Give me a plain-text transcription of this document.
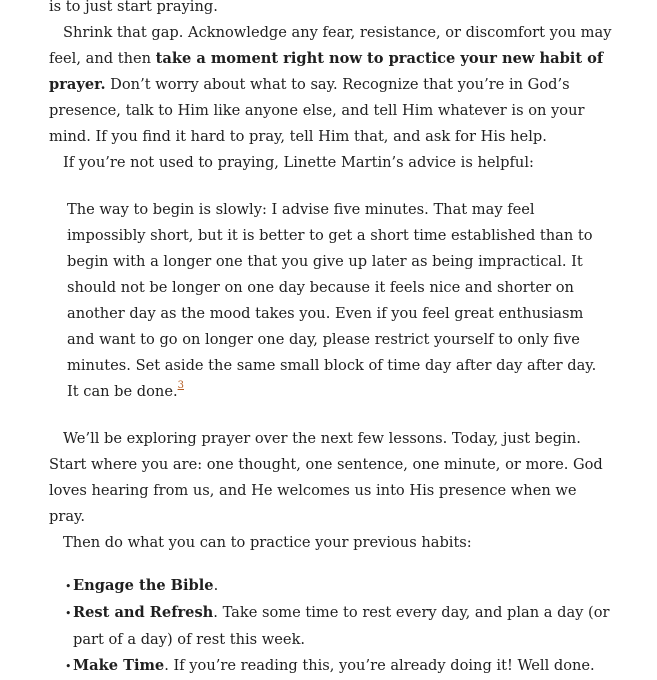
is to just start praying.

Shrink that gap. Acknowledge any fear, resistance, or discomfort you may feel, and then take a moment right now to practice your new habit of prayer. Don’t worry about what to say. Recognize that you’re in God’s presence, talk to Him like anyone else, and tell Him whatever is on your mind. If you find it hard to pray, tell Him that, and ask for His help.

If you’re not used to praying, Linette Martin’s advice is helpful:

The way to begin is slowly: I advise five minutes. That may feel impossibly short, but it is better to get a short time established than to begin with a longer one that you give up later as being impractical. It should not be longer on one day because it feels nice and shorter on another day as the mood takes you. Even if you feel great enthusiasm and want to go on longer one day, please restrict yourself to only five minutes. Set aside the same small block of time day after day after day. It can be done.$^3$

We’ll be exploring prayer over the next few lessons. Today, just begin. Start where you are: one thought, one sentence, one minute, or more. God loves hearing from us, and He welcomes us into His presence when we pray.

Then do what you can to practice your previous habits:

• Engage the Bible.
• Rest and Refresh. Take some time to rest every day, and plan a day (or part of a day) of rest this week.
• Make Time. If you’re reading this, you’re already doing it! Well done.
